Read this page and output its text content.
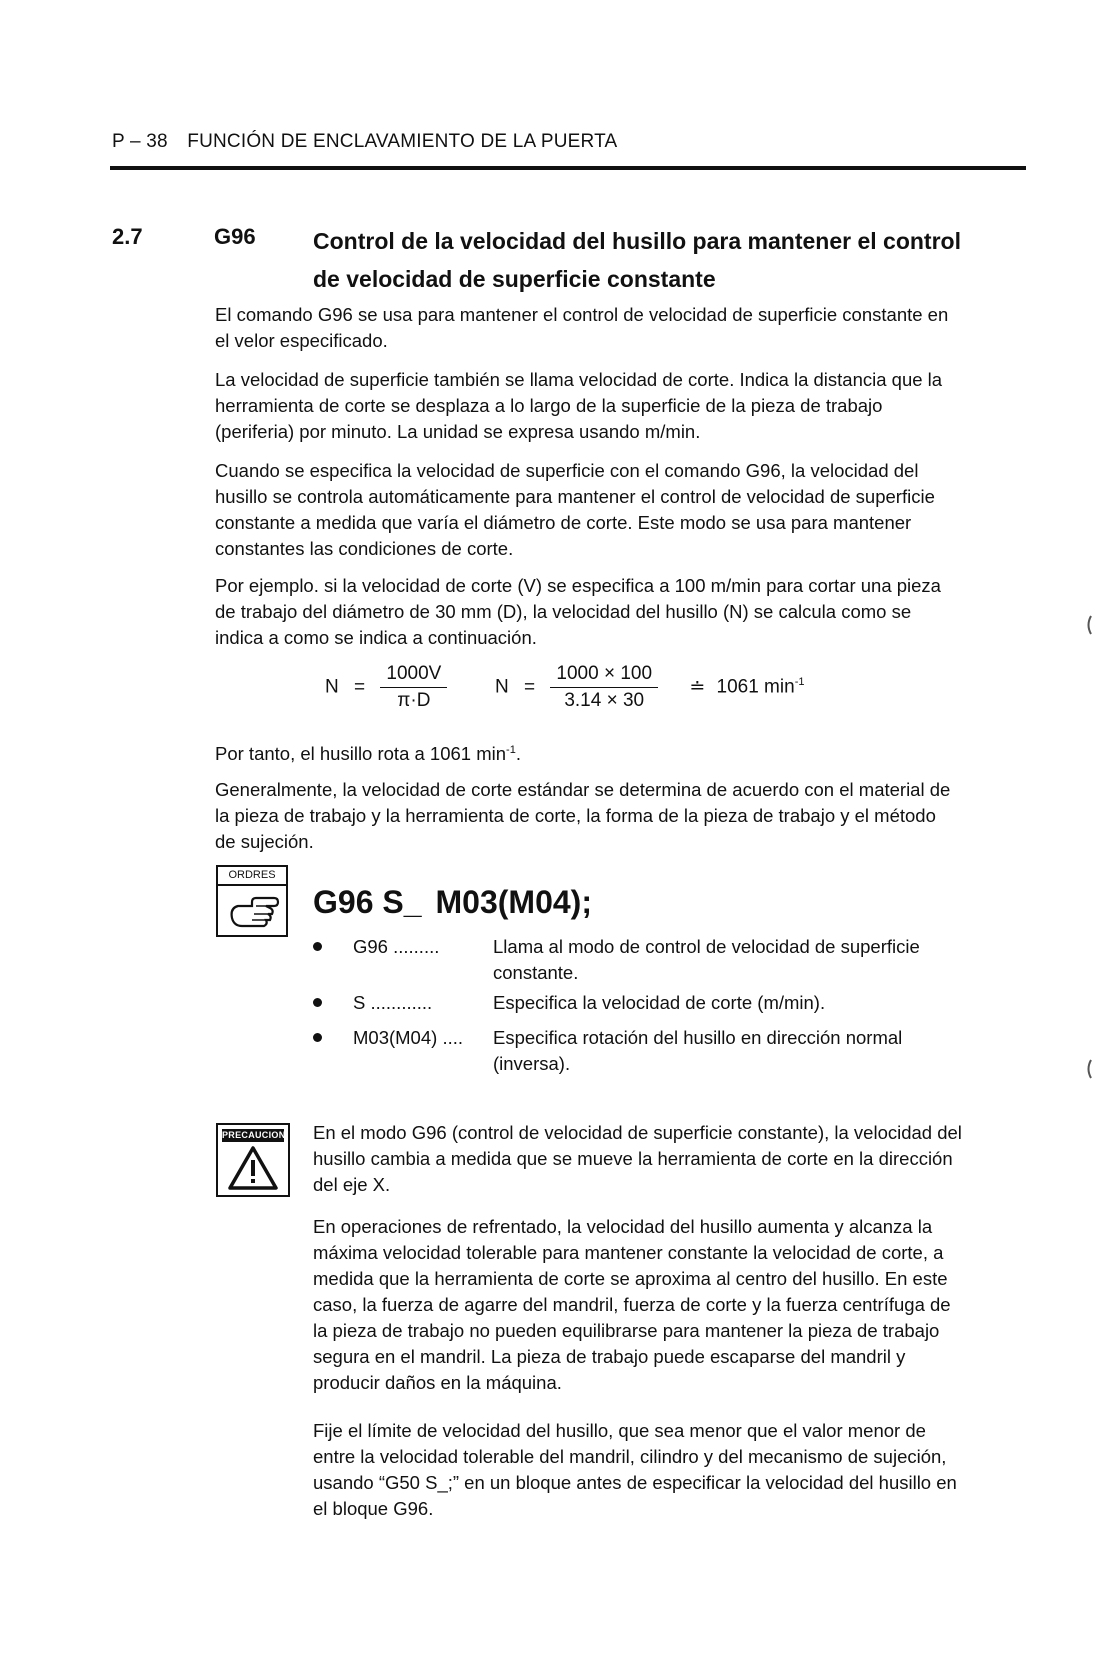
P – 38 FUNCIÓN DE ENCLAVAMIENTO DE LA PUERTA
2.7	G96 Control de la velocidad del husillo para mantener el control
de velocidad de superficie constante
El comando G96 se usa para mantener el control de velocidad de superficie constante en
el velor especificado.
La velocidad de superficie también se llama velocidad de corte. Indica la distancia que la
herramienta de corte se desplaza a lo largo de la superficie de la pieza de trabajo
(periferia) por minuto. La unidad se expresa usando m/min.
Cuando se especifica la velocidad de superficie con el comando G96, la velocidad del
husillo se controla automáticamente para mantener el control de velocidad de superficie
constante a medida que varía el diámetro de corte. Este modo se usa para mantener
constantes las condiciones de corte.
Por ejemplo. si la velocidad de corte (V) se especifica a 100 m/min para cortar una pieza
de trabajo del diámetro de 30 mm (D), la velocidad del husillo (N) se calcula como se
indica a como se indica a continuación.
$N = \frac{1000V}{\pi\cdot D}$	$N = \frac{1000 \times 100}{3.14 \times 30}$ ≐ 1061 $\min^{-1}$
Por tanto, el husillo rota a 1061 $\min^{-1}$.
Generalmente, la velocidad de corte estándar se determina de acuerdo con el material de
la pieza de trabajo y la herramienta de corte, la forma de la pieza de trabajo y el método
de sujeción.
ORDRES
G96 S_ M03(M04);
G96 .........	Llama al modo de control de velocidad de superficie
constante.
S ............	Especifica la velocidad de corte (m/min).
M03(M04) .... Especifica rotación del husillo en dirección normal
(inversa).
PRECAUCION En el modo G96 (control de velocidad de superficie constante), la velocidad del
husillo cambia a medida que se mueve la herramienta de corte en la dirección
del eje X.
En operaciones de refrentado, la velocidad del husillo aumenta y alcanza la
máxima velocidad tolerable para mantener constante la velocidad de corte, a
medida que la herramienta de corte se aproxima al centro del husillo. En este
caso, la fuerza de agarre del mandril, fuerza de corte y la fuerza centrífuga de
la pieza de trabajo no pueden equilibrarse para mantener la pieza de trabajo
segura en el mandril. La pieza de trabajo puede escaparse del mandril y
producir daños en la máquina.
Fije el límite de velocidad del husillo, que sea menor que el valor menor de
entre la velocidad tolerable del mandril, cilindro y del mecanismo de sujeción,
usando “G50 S_;” en un bloque antes de especificar la velocidad del husillo en
el bloque G96.
